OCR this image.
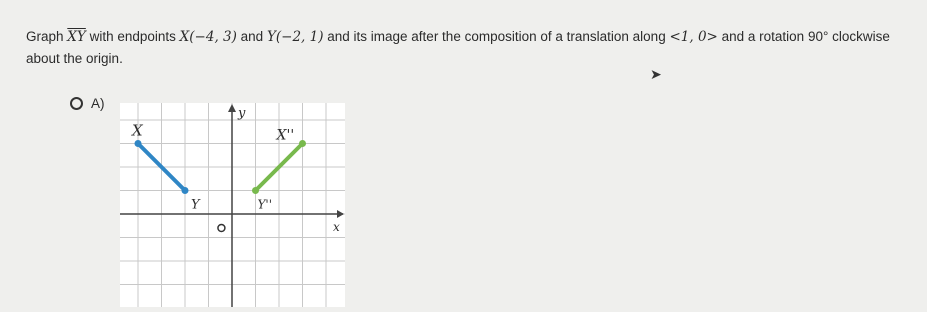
Graph $\overline{XY}$ with endpoints X(−4, 3) and Y(−2, 1) and its image after the composition of a translation along <1, 0> and a rotation 90° clockwise about the origin.
➤
A)
y
x
X
Y
X''
Y''
